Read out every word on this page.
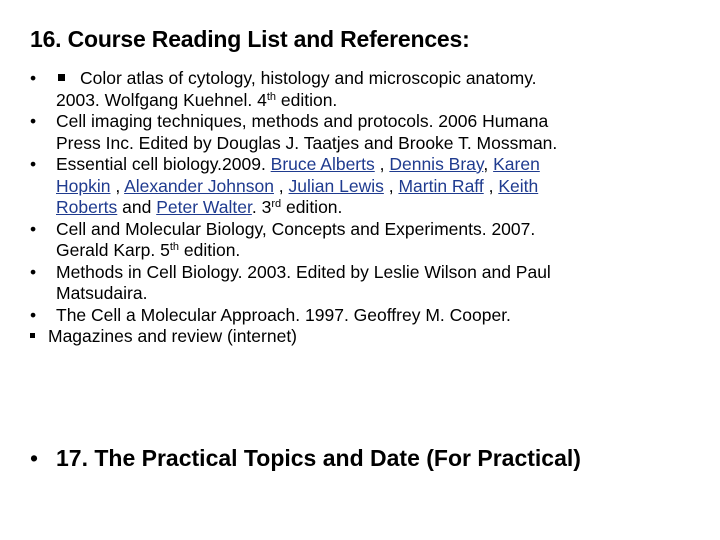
16. Course Reading List and References:
•	Color atlas of cytology, histology and microscopic anatomy.
2003. Wolfgang Kuehnel. 4th edition.
•	Cell imaging techniques, methods and protocols. 2006 Humana
Press Inc. Edited by Douglas J. Taatjes and Brooke T. Mossman.
•	Essential cell biology.2009. Bruce Alberts , Dennis Bray, Karen
Hopkin , Alexander Johnson , Julian Lewis , Martin Raff , Keith
Roberts and Peter Walter. 3rd edition.
•	Cell and Molecular Biology, Concepts and Experiments. 2007.
Gerald Karp. 5th edition.
•	Methods in Cell Biology. 2003. Edited by Leslie Wilson and Paul
Matsudaira.
•	The Cell a Molecular Approach. 1997. Geoffrey M. Cooper.
Magazines and review (internet)
• 17. The Practical Topics and Date (For Practical)
